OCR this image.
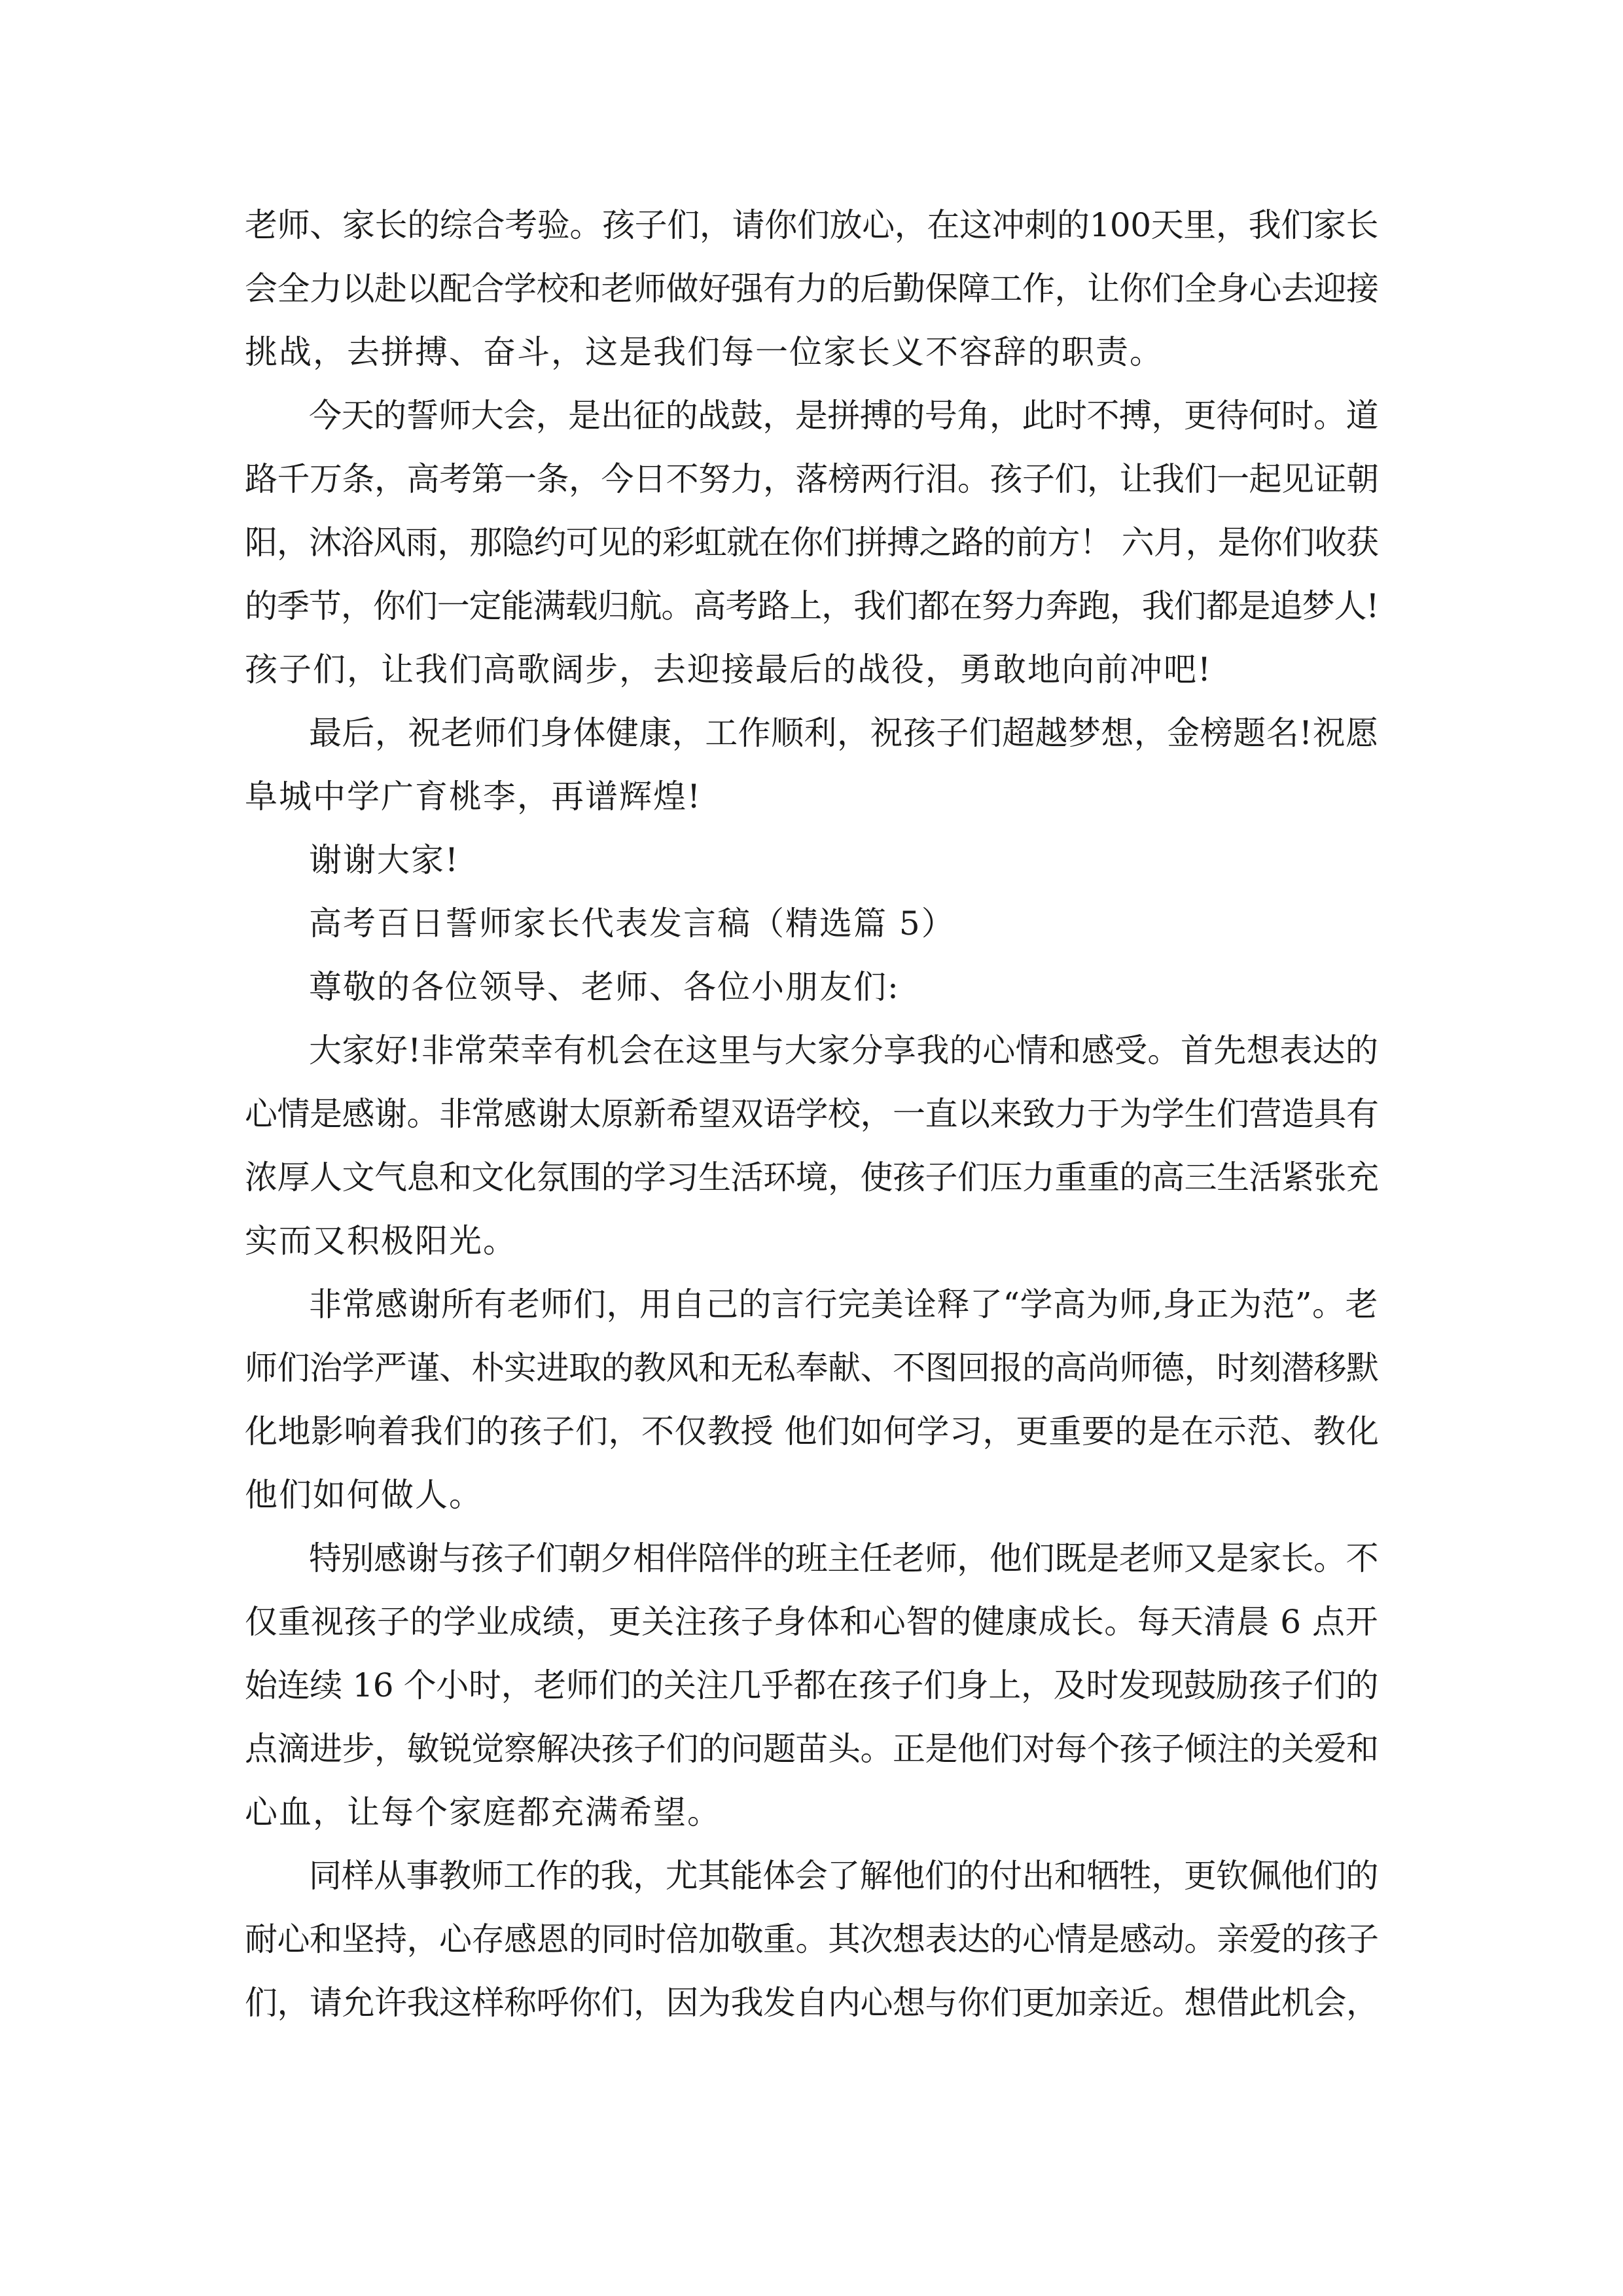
老师、家长的综合考验。孩子们，请你们放心，在这冲刺的100天里，我们家长
会全力以赴以配合学校和老师做好强有力的后勤保障工作，让你们全身心去迎接
挑战，去拼搏、奋斗，这是我们每一位家长义不容辞的职责。
今天的誓师大会，是出征的战鼓，是拼搏的号角，此时不搏，更待何时。道
路千万条，高考第一条，今日不努力，落榜两行泪。孩子们，让我们一起见证朝
阳，沐浴风雨，那隐约可见的彩虹就在你们拼搏之路的前方！ 六月，是你们收获
的季节，你们一定能满载归航。高考路上，我们都在努力奔跑，我们都是追梦人!
孩子们，让我们高歌阔步，去迎接最后的战役，勇敢地向前冲吧!
最后，祝老师们身体健康，工作顺利，祝孩子们超越梦想，金榜题名!祝愿
阜城中学广育桃李，再谱辉煌!
谢谢大家!
高考百日誓师家长代表发言稿（精选篇 5）
尊敬的各位领导、老师、各位小朋友们:
大家好!非常荣幸有机会在这里与大家分享我的心情和感受。首先想表达的
心情是感谢。非常感谢太原新希望双语学校，一直以来致力于为学生们营造具有
浓厚人文气息和文化氛围的学习生活环境，使孩子们压力重重的高三生活紧张充
实而又积极阳光。
非常感谢所有老师们，用自己的言行完美诠释了“学高为师,身正为范”。老
师们治学严谨、朴实进取的教风和无私奉献、不图回报的高尚师德，时刻潜移默
化地影响着我们的孩子们，不仅教授 他们如何学习，更重要的是在示范、教化
他们如何做人。
特别感谢与孩子们朝夕相伴陪伴的班主任老师，他们既是老师又是家长。不
仅重视孩子的学业成绩，更关注孩子身体和心智的健康成长。每天清晨 6 点开
始连续 16 个小时，老师们的关注几乎都在孩子们身上，及时发现鼓励孩子们的
点滴进步，敏锐觉察解决孩子们的问题苗头。正是他们对每个孩子倾注的关爱和
心血，让每个家庭都充满希望。
同样从事教师工作的我，尤其能体会了解他们的付出和牺牲，更钦佩他们的
耐心和坚持，心存感恩的同时倍加敬重。其次想表达的心情是感动。亲爱的孩子
们，请允许我这样称呼你们，因为我发自内心想与你们更加亲近。想借此机会，
